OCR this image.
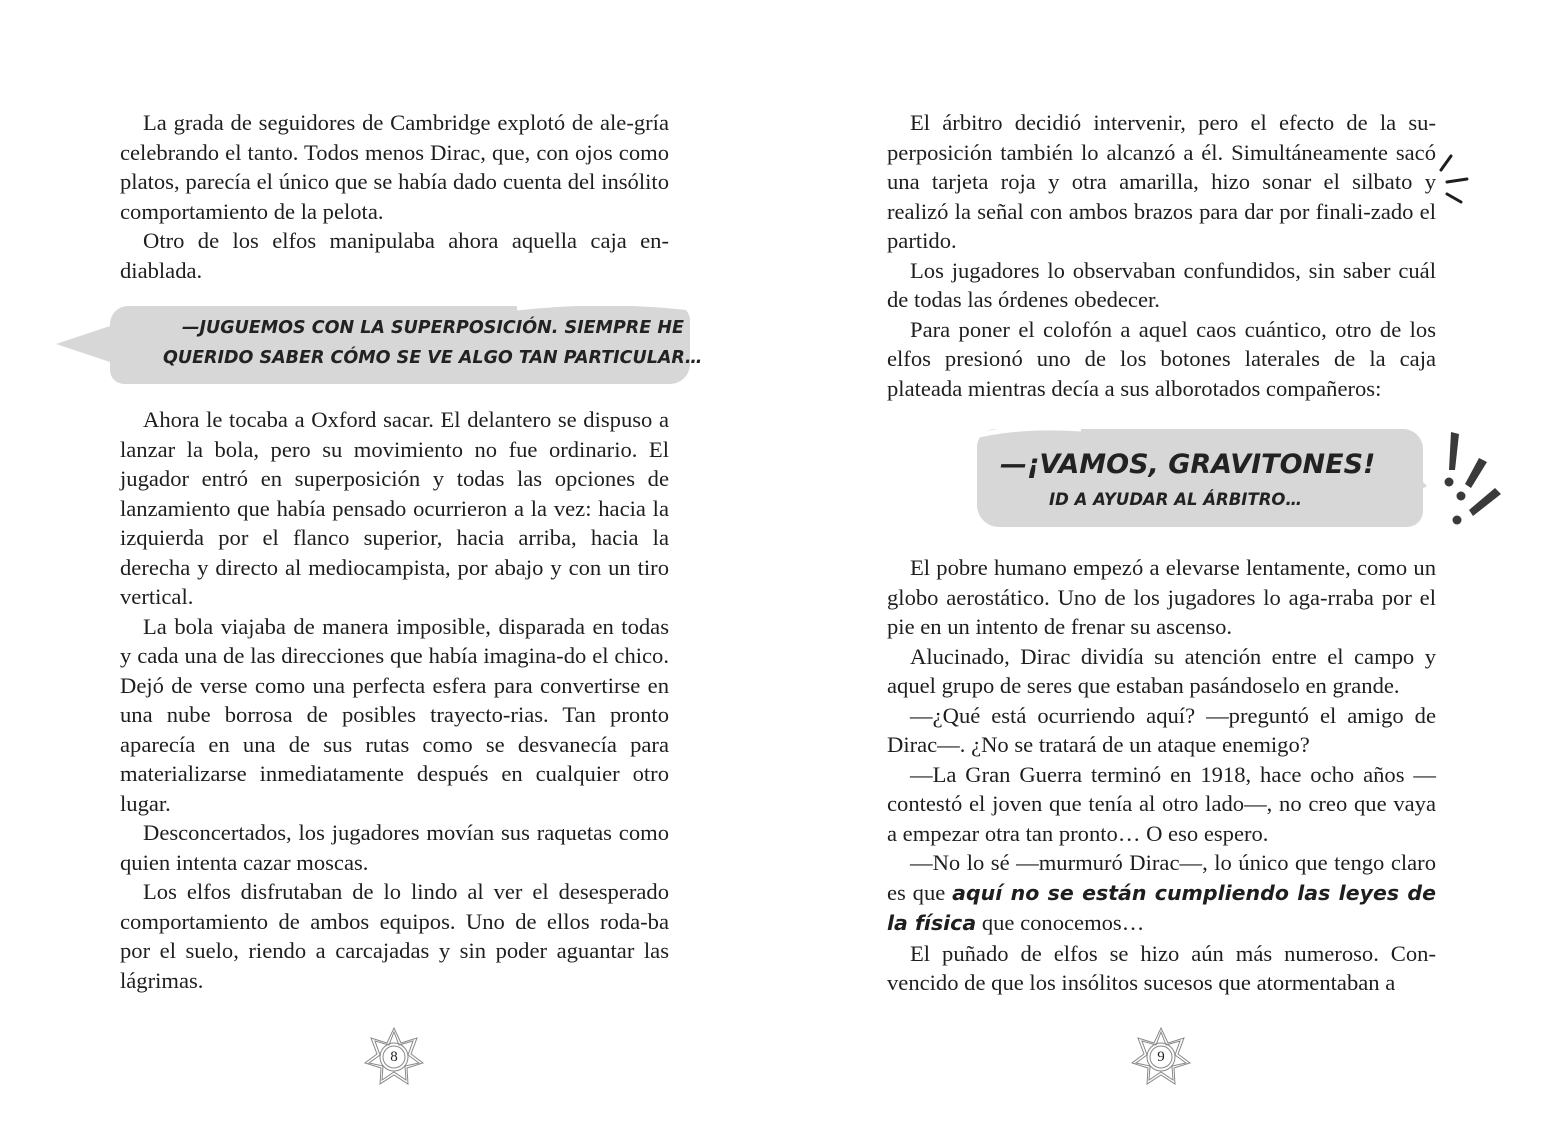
La grada de seguidores de Cambridge explotó de ale-gría celebrando el tanto. Todos menos Dirac, que, con ojos como platos, parecía el único que se había dado cuenta del insólito comportamiento de la pelota.

Otro de los elfos manipulaba ahora aquella caja en-diablada.

—JUGUEMOS CON LA SUPERPOSICIÓN. SIEMPRE HE
QUERIDO SABER CÓMO SE VE ALGO TAN PARTICULAR…

Ahora le tocaba a Oxford sacar. El delantero se dispuso a lanzar la bola, pero su movimiento no fue ordinario. El jugador entró en superposición y todas las opciones de lanzamiento que había pensado ocurrieron a la vez: hacia la izquierda por el flanco superior, hacia arriba, hacia la derecha y directo al mediocampista, por abajo y con un tiro vertical.

La bola viajaba de manera imposible, disparada en todas y cada una de las direcciones que había imagina-do el chico. Dejó de verse como una perfecta esfera para convertirse en una nube borrosa de posibles trayecto-rias. Tan pronto aparecía en una de sus rutas como se desvanecía para materializarse inmediatamente después en cualquier otro lugar.

Desconcertados, los jugadores movían sus raquetas como quien intenta cazar moscas.

Los elfos disfrutaban de lo lindo al ver el desesperado comportamiento de ambos equipos. Uno de ellos roda-ba por el suelo, riendo a carcajadas y sin poder aguantar las lágrimas.

8

El árbitro decidió intervenir, pero el efecto de la su-perposición también lo alcanzó a él. Simultáneamente sacó una tarjeta roja y otra amarilla, hizo sonar el silbato y realizó la señal con ambos brazos para dar por finali-zado el partido.

Los jugadores lo observaban confundidos, sin saber cuál de todas las órdenes obedecer.

Para poner el colofón a aquel caos cuántico, otro de los elfos presionó uno de los botones laterales de la caja plateada mientras decía a sus alborotados compañeros:

—¡VAMOS, GRAVITONES!
ID A AYUDAR AL ÁRBITRO…

El pobre humano empezó a elevarse lentamente, como un globo aerostático. Uno de los jugadores lo aga-rraba por el pie en un intento de frenar su ascenso.

Alucinado, Dirac dividía su atención entre el campo y aquel grupo de seres que estaban pasándoselo en grande.

—¿Qué está ocurriendo aquí? —preguntó el amigo de Dirac—. ¿No se tratará de un ataque enemigo?

—La Gran Guerra terminó en 1918, hace ocho años —contestó el joven que tenía al otro lado—, no creo que vaya a empezar otra tan pronto… O eso espero.

—No lo sé —murmuró Dirac—, lo único que tengo claro es que aquí no se están cumpliendo las leyes de la física que conocemos…

El puñado de elfos se hizo aún más numeroso. Con-vencido de que los insólitos sucesos que atormentaban a

9
